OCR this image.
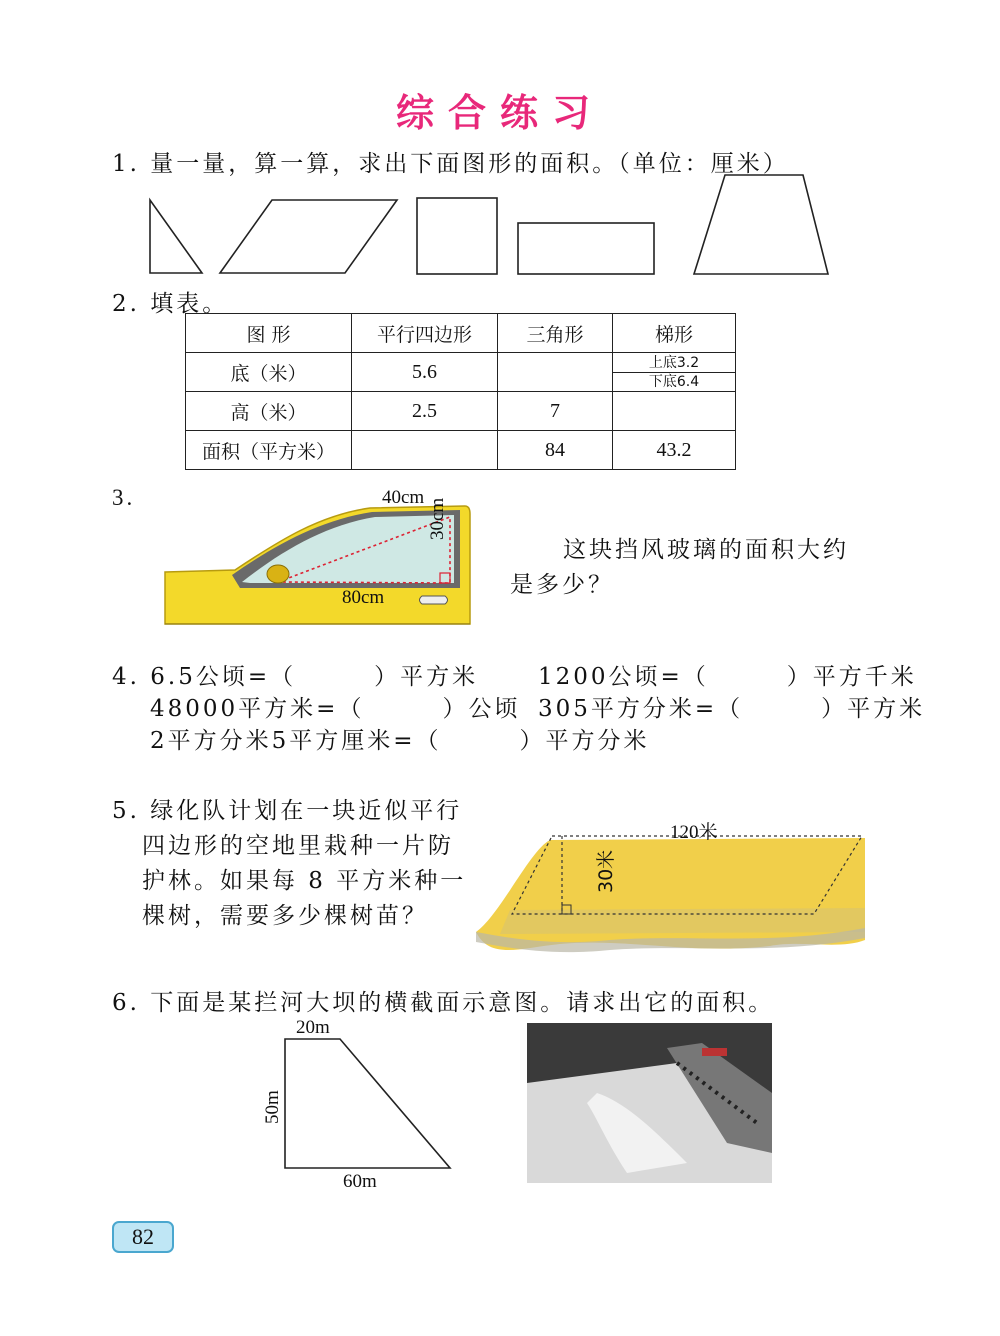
综合练习
1. 量一量，算一算，求出下面图形的面积。（单位：厘米）
2. 填表。
图 形	平行四边形	三角形	梯形
底（米）	5.6		上底3.2
下底6.4

高（米）	2.5	7	
面积（平方米）		84	43.2
3.	40cm
30cm
80cm
这块挡风玻璃的面积大约
是多少？
4. 6.5公顷=（　　　）平方米	1200公顷=（　　　）平方千米
48000平方米=（　　　）公顷 305平方分米=（　　　）平方米
2平方分米5平方厘米=（　　　）平方分米
5. 绿化队计划在一块近似平行
四边形的空地里栽种一片防
护林。如果每 8 平方米种一
棵树，需要多少棵树苗？
120米
30米
6. 下面是某拦河大坝的横截面示意图。请求出它的面积。
20m
50m
60m
82
